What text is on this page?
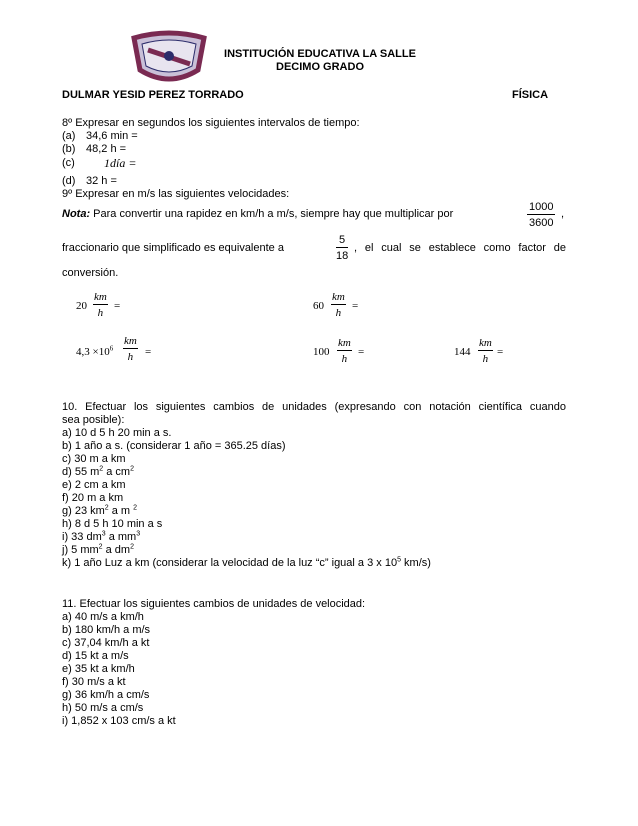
INSTITUCIÓN EDUCATIVA LA SALLE
DECIMO GRADO
DULMAR YESID PEREZ TORRADO	FÍSICA
8º Expresar en segundos los siguientes intervalos de tiempo:
(a) 34,6 min =
(b) 48,2 h =
(c) 1día =
(d) 32 h =
9º Expresar en m/s las siguientes velocidades:
Nota: Para convertir una rapidez en km/h a m/s, siempre hay que multiplicar por	$\frac{1000}{3600}$ ,
fraccionario que simplificado es equivalente a	$\frac{5}{18}$ , el cual se establece como factor de
conversión.
$20 \frac{km}{h}$ =	$60 \frac{km}{h}$ =
$4,3 \times 10^6 \frac{km}{h}$ =	$100 \frac{km}{h}$ =	$144 \frac{km}{h}$ =
10. Efectuar los siguientes cambios de unidades (expresando con notación científica cuando
sea posible):
a) 10 d 5 h 20 min a s.
b) 1 año a s. (considerar 1 año = 365.25 días)
c) 30 m a km
d) 55 $m^2$ a $cm^2$
e) 2 cm a km
f) 20 m a km
g) 23 $km^2$ a m $^2$
h) 8 d 5 h 10 min a s
i) 33 $dm^3$ a $mm^3$
j) 5 $mm^2$ a $dm^2$
k) 1 año Luz a km (considerar la velocidad de la luz “c” igual a 3 x $10^5$ km/s)
11. Efectuar los siguientes cambios de unidades de velocidad:
a) 40 m/s a km/h
b) 180 km/h a m/s
c) 37,04 km/h a kt
d) 15 kt a m/s
e) 35 kt a km/h
f) 30 m/s a kt
g) 36 km/h a cm/s
h) 50 m/s a cm/s
i) 1,852 x 103 cm/s a kt
